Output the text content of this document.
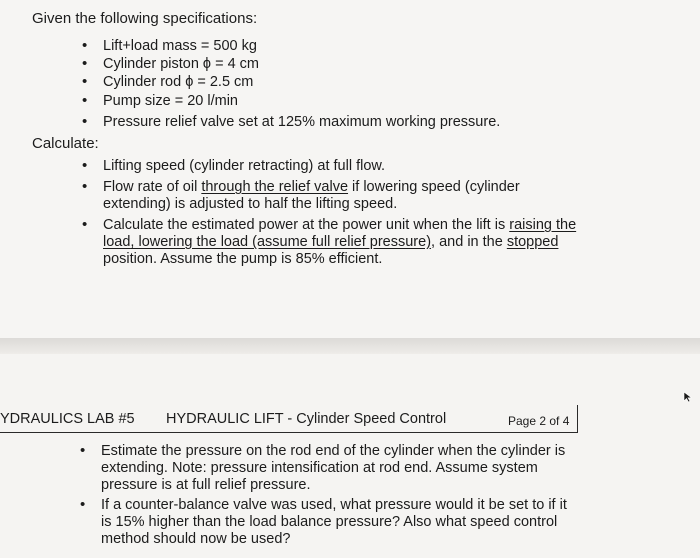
Given the following specifications:
• Lift+load mass = 500 kg
• Cylinder piston ϕ = 4 cm
• Cylinder rod ϕ = 2.5 cm
• Pump size = 20 l/min
• Pressure relief valve set at 125% maximum working pressure.
Calculate:
• Lifting speed (cylinder retracting) at full flow.
• Flow rate of oil through the relief valve if lowering speed (cylinder
extending) is adjusted to half the lifting speed.
• Calculate the estimated power at the power unit when the lift is raising the
load, lowering the load (assume full relief pressure), and in the stopped
position. Assume the pump is 85% efficient.
YDRAULICS LAB #5 HYDRAULIC LIFT - Cylinder Speed Control	Page 2 of 4
• Estimate the pressure on the rod end of the cylinder when the cylinder is
extending. Note: pressure intensification at rod end. Assume system
pressure is at full relief pressure.
• If a counter-balance valve was used, what pressure would it be set to if it
is 15% higher than the load balance pressure? Also what speed control
method should now be used?
